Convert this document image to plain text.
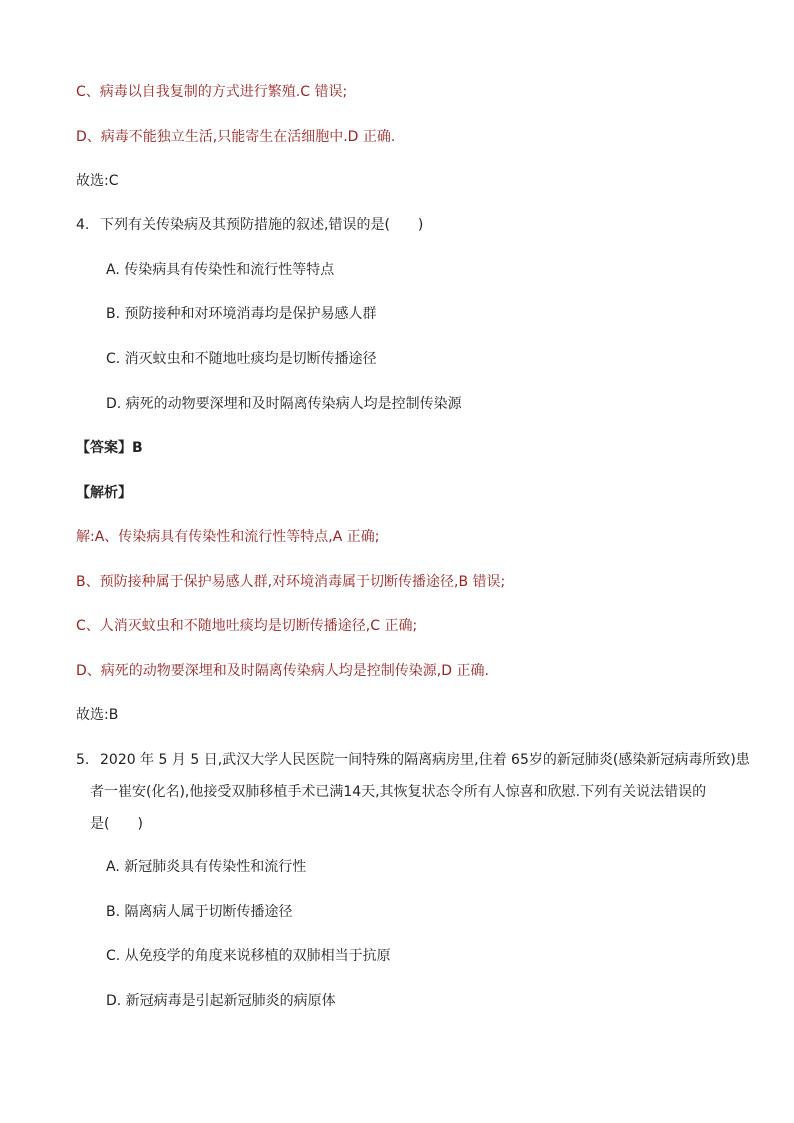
C、病毒以自我复制的方式进行繁殖.C 错误;
D、病毒不能独立生活,只能寄生在活细胞中.D 正确.
故选:C
4. 下列有关传染病及其预防措施的叙述,错误的是(　　)
A. 传染病具有传染性和流行性等特点
B. 预防接种和对环境消毒均是保护易感人群
C. 消灭蚊虫和不随地吐痰均是切断传播途径
D. 病死的动物要深埋和及时隔离传染病人均是控制传染源
【答案】B
【解析】
解:A、传染病具有传染性和流行性等特点,A 正确;
B、预防接种属于保护易感人群,对环境消毒属于切断传播途径,B 错误;
C、人消灭蚊虫和不随地吐痰均是切断传播途径,C 正确;
D、病死的动物要深埋和及时隔离传染病人均是控制传染源,D 正确.
故选:B
5. 2020 年 5 月 5 日,武汉大学人民医院一间特殊的隔离病房里,住着 65岁的新冠肺炎(感染新冠病毒所致)患
者一崔安(化名),他接受双肺移植手术已满14天,其恢复状态令所有人惊喜和欣慰.下列有关说法错误的
是(　　)
A. 新冠肺炎具有传染性和流行性
B. 隔离病人属于切断传播途径
C. 从免疫学的角度来说移植的双肺相当于抗原
D. 新冠病毒是引起新冠肺炎的病原体
